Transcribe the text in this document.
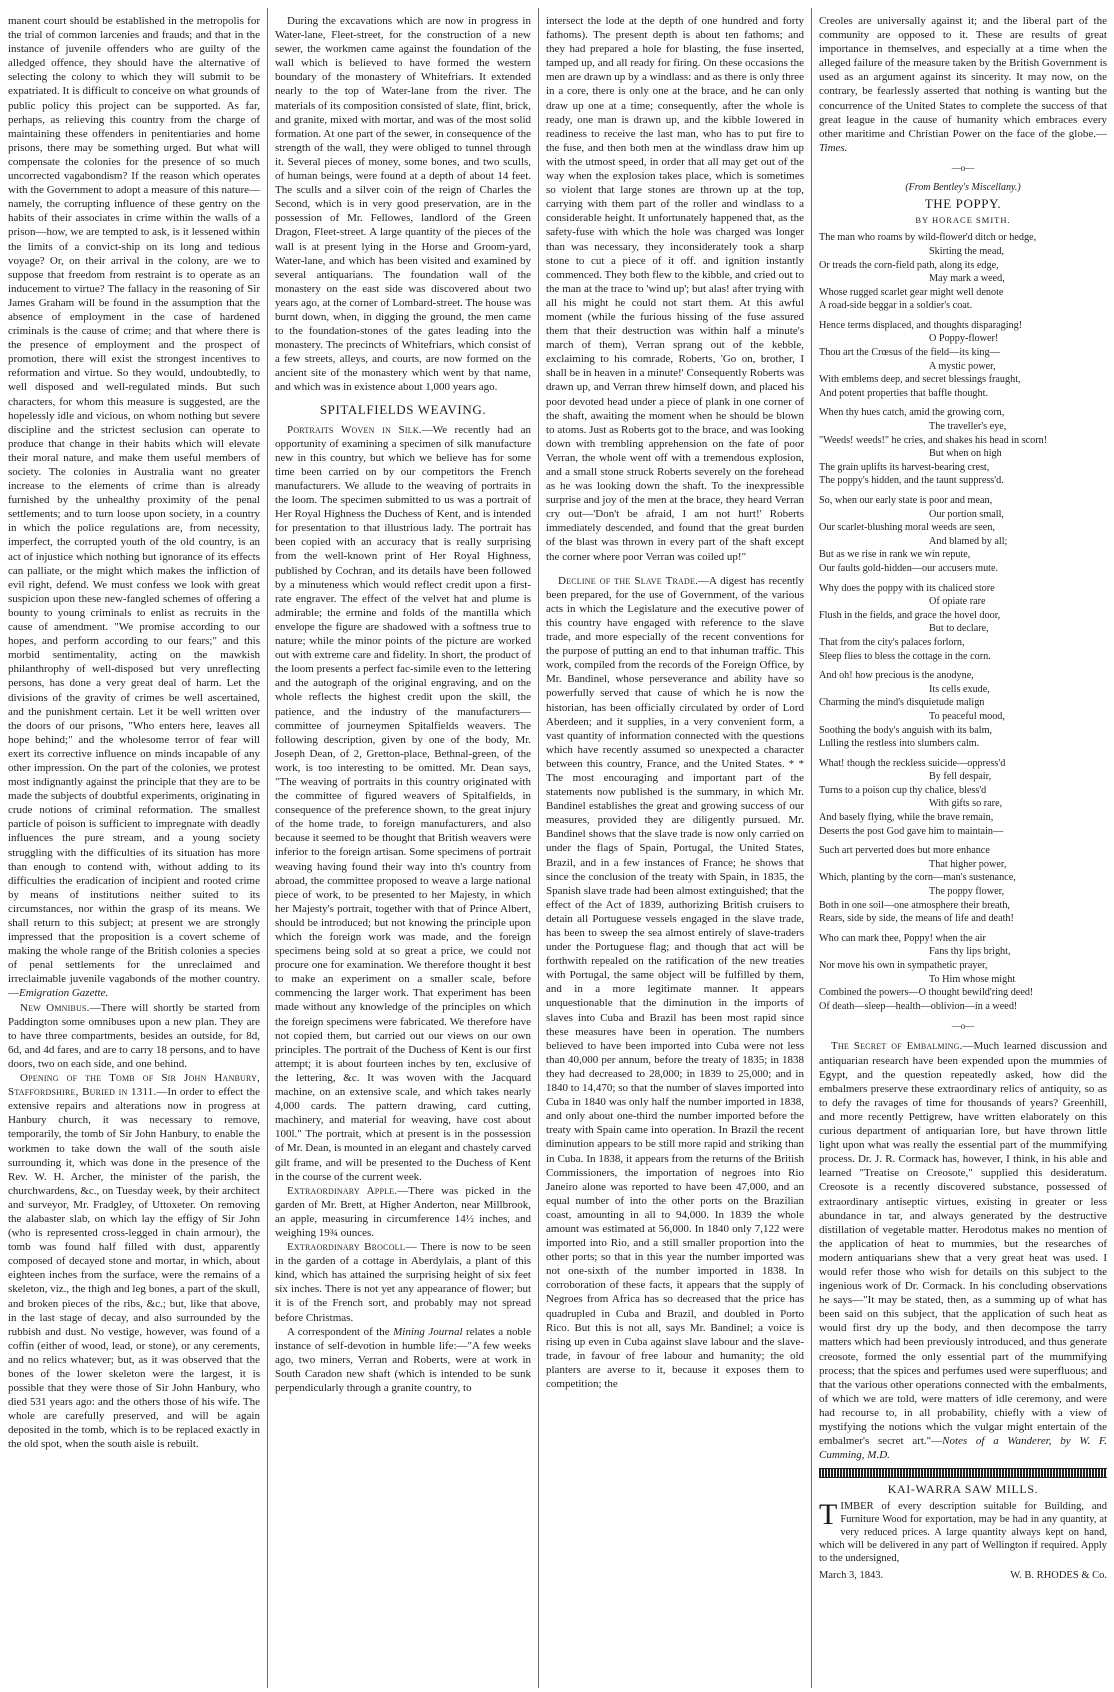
manent court should be established in the metropolis for the trial of common larcenies and frauds; and that in the instance of juvenile offenders who are guilty of the alledged offence, they should have the alternative of selecting the colony to which they will submit to be expatriated. It is difficult to conceive on what grounds of public policy this project can be supported. As far, perhaps, as relieving this country from the charge of maintaining these offenders in penitentiaries and home prisons, there may be something urged. But what will compensate the colonies for the presence of so much uncorrected vagabondism? If the reason which operates with the Government to adopt a measure of this nature—namely, the corrupting influence of these gentry on the habits of their associates in crime within the walls of a prison—how, we are tempted to ask, is it lessened within the limits of a convict-ship on its long and tedious voyage? Or, on their arrival in the colony, are we to suppose that freedom from restraint is to operate as an inducement to virtue? The fallacy in the reasoning of Sir James Graham will be found in the assumption that the absence of employment in the case of hardened criminals is the cause of crime; and that where there is the presence of employment and the prospect of promotion, there will exist the strongest incentives to reformation and virtue. So they would, undoubtedly, to well disposed and well-regulated minds. But such characters, for whom this measure is suggested, are the hopelessly idle and vicious, on whom nothing but severe discipline and the strictest seclusion can operate to produce that change in their habits which will elevate their moral nature, and make them useful members of society. The colonies in Australia want no greater increase to the elements of crime than is already furnished by the unhealthy proximity of the penal settlements; and to turn loose upon society, in a country in which the police regulations are, from necessity, imperfect, the corrupted youth of the old country, is an act of injustice which nothing but ignorance of its effects can palliate, or the might which makes the infliction of evil right, defend. We must confess we look with great suspicion upon these new-fangled schemes of offering a bounty to young criminals to enlist as recruits in the cause of amendment. "We promise according to our hopes, and perform according to our fears;" and this morbid sentimentality, acting on the mawkish philanthrophy of well-disposed but very unreflecting persons, has done a very great deal of harm. Let the divisions of the gravity of crimes be well ascertained, and the punishment certain. Let it be well written over the doors of our prisons, "Who enters here, leaves all hope behind;" and the wholesome terror of fear will exert its corrective influence on minds incapable of any other impression. On the part of the colonies, we protest most indignantly against the principle that they are to be made the subjects of doubtful experiments, originating in crude notions of criminal reformation. The smallest particle of poison is sufficient to impregnate with deadly influences the pure stream, and a young society struggling with the difficulties of its situation has more than enough to contend with, without adding to its difficulties the eradication of incipient and rooted crime by means of institutions neither suited to its circumstances, nor within the grasp of its means. We shall return to this subject; at present we are strongly impressed that the proposition is a covert scheme of making the whole range of the British colonies a species of penal settlements for the unreclaimed and irreclaimable juvenile vagabonds of the mother country.—Emigration Gazette.

New Omnibus.—There will shortly be started from Paddington some omnibuses upon a new plan. They are to have three compartments, besides an outside, for 8d, 6d, and 4d fares, and are to carry 18 persons, and to have doors, two on each side, and one behind.

Opening of the Tomb of Sir John Hanbury, Staffordshire, Buried in 1311.—In order to effect the extensive repairs and alterations now in progress at Hanbury church, it was necessary to remove, temporarily, the tomb of Sir John Hanbury, to enable the workmen to take down the wall of the south aisle surrounding it, which was done in the presence of the Rev. W. H. Archer, the minister of the parish, the churchwardens, &c., on Tuesday week, by their architect and surveyor, Mr. Fradgley, of Uttoxeter. On removing the alabaster slab, on which lay the effigy of Sir John (who is represented cross-legged in chain armour), the tomb was found half filled with dust, apparently composed of decayed stone and mortar, in which, about eighteen inches from the surface, were the remains of a skeleton, viz., the thigh and leg bones, a part of the skull, and broken pieces of the ribs, &c.; but, like that above, in the last stage of decay, and also surrounded by the rubbish and dust. No vestige, however, was found of a coffin (either of wood, lead, or stone), or any cerements, and no relics whatever; but, as it was observed that the bones of the lower skeleton were the largest, it is possible that they were those of Sir John Hanbury, who died 531 years ago: and the others those of his wife. The whole are carefully preserved, and will be again deposited in the tomb, which is to be replaced exactly in the old spot, when the south aisle is rebuilt.

During the excavations which are now in progress in Water-lane, Fleet-street, for the construction of a new sewer, the workmen came against the foundation of the wall which is believed to have formed the western boundary of the monastery of Whitefriars. It extended nearly to the top of Water-lane from the river. The materials of its composition consisted of slate, flint, brick, and granite, mixed with mortar, and was of the most solid formation. At one part of the sewer, in consequence of the strength of the wall, they were obliged to tunnel through it. Several pieces of money, some bones, and two sculls, of human beings, were found at a depth of about 14 feet. The sculls and a silver coin of the reign of Charles the Second, which is in very good preservation, are in the possession of Mr. Fellowes, landlord of the Green Dragon, Fleet-street. A large quantity of the pieces of the wall is at present lying in the Horse and Groom-yard, Water-lane, and which has been visited and examined by several antiquarians. The foundation wall of the monastery on the east side was discovered about two years ago, at the corner of Lombard-street. The house was burnt down, when, in digging the ground, the men came to the foundation-stones of the gates leading into the monastery. The precincts of Whitefriars, which consist of a few streets, alleys, and courts, are now formed on the ancient site of the monastery which went by that name, and which was in existence about 1,000 years ago.

SPITALFIELDS WEAVING.

Portraits Woven in Silk.—We recently had an opportunity of examining a specimen of silk manufacture new in this country, but which we believe has for some time been carried on by our competitors the French manufacturers. We allude to the weaving of portraits in the loom. The specimen submitted to us was a portrait of Her Royal Highness the Duchess of Kent, and is intended for presentation to that illustrious lady. The portrait has been copied with an accuracy that is really surprising from the well-known print of Her Royal Highness, published by Cochran, and its details have been followed by a minuteness which would reflect credit upon a first-rate engraver. The effect of the velvet hat and plume is admirable; the ermine and folds of the mantilla which envelope the figure are shadowed with a softness true to nature; while the minor points of the picture are worked out with extreme care and fidelity. In short, the product of the loom presents a perfect fac-simile even to the lettering and the autograph of the original engraving, and on the whole reflects the highest credit upon the skill, the patience, and the industry of the manufacturers—committee of journeymen Spitalfields weavers. The following description, given by one of the body, Mr. Joseph Dean, of 2, Gretton-place, Bethnal-green, of the work, is too interesting to be omitted. Mr. Dean says, "The weaving of portraits in this country originated with the committee of figured weavers of Spitalfields, in consequence of the preference shown, to the great injury of the home trade, to foreign manufacturers, and also because it seemed to be thought that British weavers were inferior to the foreign artisan. Some specimens of portrait weaving having found their way into th's country from abroad, the committee proposed to weave a large national piece of work, to be presented to her Majesty, in which her Majesty's portrait, together with that of Prince Albert, should be introduced; but not knowing the principle upon which the foreign work was made, and the foreign specimens being sold at so great a price, we could not procure one for examination. We therefore thought it best to make an experiment on a smaller scale, before commencing the larger work. That experiment has been made without any knowledge of the principles on which the foreign specimens were fabricated. We therefore have not copied them, but carried out our views on our own principles. The portrait of the Duchess of Kent is our first attempt; it is about fourteen inches by ten, exclusive of the lettering, &c. It was woven with the Jacquard machine, on an extensive scale, and which takes nearly 4,000 cards. The pattern drawing, card cutting, machinery, and material for weaving, have cost about 100l." The portrait, which at present is in the possession of Mr. Dean, is mounted in an elegant and chastely carved gilt frame, and will be presented to the Duchess of Kent in the course of the current week.

Extraordinary Apple.—There was picked in the garden of Mr. Brett, at Higher Anderton, near Millbrook, an apple, measuring in circumference 14½ inches, and weighing 19¾ ounces.

Extraordinary Brocoli.— There is now to be seen in the garden of a cottage in Aberdylais, a plant of this kind, which has attained the surprising height of six feet six inches. There is not yet any appearance of flower; but it is of the French sort, and probably may not spread before Christmas.

A correspondent of the Mining Journal relates a noble instance of self-devotion in humble life:—"A few weeks ago, two miners, Verran and Roberts, were at work in South Caradon new shaft (which is intended to be sunk perpendicularly through a granite country, to

intersect the lode at the depth of one hundred and forty fathoms). The present depth is about ten fathoms; and they had prepared a hole for blasting, the fuse inserted, tamped up, and all ready for firing. On these occasions the men are drawn up by a windlass: and as there is only three in a core, there is only one at the brace, and he can only draw up one at a time; consequently, after the whole is ready, one man is drawn up, and the kibble lowered in readiness to receive the last man, who has to put fire to the fuse, and then both men at the windlass draw him up with the utmost speed, in order that all may get out of the way when the explosion takes place, which is sometimes so violent that large stones are thrown up at the top, carrying with them part of the roller and windlass to a considerable height. It unfortunately happened that, as the safety-fuse with which the hole was charged was longer than was necessary, they inconsiderately took a sharp stone to cut a piece of it off. and ignition instantly commenced. They both flew to the kibble, and cried out to the man at the trace to 'wind up'; but alas! after trying with all his might he could not start them. At this awful moment (while the furious hissing of the fuse assured them that their destruction was within half a minute's march of them), Verran sprang out of the kebble, exclaiming to his comrade, Roberts, 'Go on, brother, I shall be in heaven in a minute!' Consequently Roberts was drawn up, and Verran threw himself down, and placed his poor devoted head under a piece of plank in one corner of the shaft, awaiting the moment when he should be blown to atoms. Just as Roberts got to the brace, and was looking down with trembling apprehension on the fate of poor Verran, the whole went off with a tremendous explosion, and a small stone struck Roberts severely on the forehead as he was looking down the shaft. To the inexpressible surprise and joy of the men at the brace, they heard Verran cry out—'Don't be afraid, I am not hurt!' Roberts immediately descended, and found that the great burden of the blast was thrown in every part of the shaft except the corner where poor Verran was coiled up!"

Decline of the Slave Trade.—A digest has recently been prepared, for the use of Government, of the various acts in which the Legislature and the executive power of this country have engaged with reference to the slave trade, and more especially of the recent conventions for the purpose of putting an end to that inhuman traffic. This work, compiled from the records of the Foreign Office, by Mr. Bandinel, whose perseverance and ability have so powerfully served that cause of which he is now the historian, has been officially circulated by order of Lord Aberdeen; and it supplies, in a very convenient form, a vast quantity of information connected with the questions which have recently assumed so unexpected a character between this country, France, and the United States. * * The most encouraging and important part of the statements now published is the summary, in which Mr. Bandinel establishes the great and growing success of our measures, provided they are diligently pursued. Mr. Bandinel shows that the slave trade is now only carried on under the flags of Spain, Portugal, the United States, Brazil, and in a few instances of France; he shows that since the conclusion of the treaty with Spain, in 1835, the Spanish slave trade had been almost extinguished; that the effect of the Act of 1839, authorizing British cruisers to detain all Portuguese vessels engaged in the slave trade, has been to sweep the sea almost entirely of slave-traders under the Portuguese flag; and though that act will be forthwith repealed on the ratification of the new treaties with Portugal, the same object will be fulfilled by them, and in a more legitimate manner. It appears unquestionable that the diminution in the imports of slaves into Cuba and Brazil has been most rapid since these measures have been in operation. The numbers believed to have been imported into Cuba were not less than 40,000 per annum, before the treaty of 1835; in 1838 they had decreased to 28,000; in 1839 to 25,000; and in 1840 to 14,470; so that the number of slaves imported into Cuba in 1840 was only half the number imported in 1838, and only about one-third the number imported before the treaty with Spain came into operation. In Brazil the recent diminution appears to be still more rapid and striking than in Cuba. In 1838, it appears from the returns of the British Commissioners, the importation of negroes into Rio Janeiro alone was reported to have been 47,000, and an equal number of into the other ports on the Brazilian coast, amounting in all to 94,000. In 1839 the whole amount was estimated at 56,000. In 1840 only 7,122 were imported into Rio, and a still smaller proportion into the other ports; so that in this year the number imported was not one-sixth of the number imported in 1838. In corroboration of these facts, it appears that the supply of Negroes from Africa has so decreased that the price has quadrupled in Cuba and Brazil, and doubled in Porto Rico. But this is not all, says Mr. Bandinel; a voice is rising up even in Cuba against slave labour and the slave-trade, in favour of free labour and humanity; the old planters are averse to it, because it exposes them to competition; the

Creoles are universally against it; and the liberal part of the community are opposed to it. These are results of great importance in themselves, and especially at a time when the alleged failure of the measure taken by the British Government is used as an argument against its sincerity. It may now, on the contrary, be fearlessly asserted that nothing is wanting but the concurrence of the United States to complete the success of that great league in the cause of humanity which embraces every other maritime and Christian Power on the face of the globe.—Times.

—o—
(From Bentley's Miscellany.)
THE POPPY.
BY HORACE SMITH.
The man who roams by wild-flower'd ditch or hedge,
Skirting the mead,
Or treads the corn-field path, along its edge,
May mark a weed,
Whose rugged scarlet gear might well denote
A road-side beggar in a soldier's coat.
Hence terms displaced, and thoughts disparaging!
O Poppy-flower!
Thou art the Crœsus of the field—its king—
A mystic power,
With emblems deep, and secret blessings fraught,
And potent properties that baffle thought.
When thy hues catch, amid the growing corn,
The traveller's eye,
"Weeds! weeds!" he cries, and shakes his head in scorn!
But when on high
The grain uplifts its harvest-bearing crest,
The poppy's hidden, and the taunt suppress'd.
So, when our early state is poor and mean,
Our portion small,
Our scarlet-blushing moral weeds are seen,
And blamed by all;
But as we rise in rank we win repute,
Our faults gold-hidden—our accusers mute.
Why does the poppy with its chaliced store
Of opiate rare
Flush in the fields, and grace the hovel door,
But to declare,
That from the city's palaces forlorn,
Sleep flies to bless the cottage in the corn.
And oh! how precious is the anodyne,
Its cells exude,
Charming the mind's disquietude malign
To peaceful mood,
Soothing the body's anguish with its balm,
Lulling the restless into slumbers calm.
What! though the reckless suicide—oppress'd
By fell despair,
Turns to a poison cup thy chalice, bless'd
With gifts so rare,
And basely flying, while the brave remain,
Deserts the post God gave him to maintain—
Such art perverted does but more enhance
That higher power,
Which, planting by the corn—man's sustenance,
The poppy flower,
Both in one soil—one atmosphere their breath,
Rears, side by side, the means of life and death!
Who can mark thee, Poppy! when the air
Fans thy lips bright,
Nor move his own in sympathetic prayer,
To Him whose might
Combined the powers—O thought bewild'ring deed!
Of death—sleep—health—oblivion—in a weed!
—o—

The Secret of Embalming.—Much learned discussion and antiquarian research have been expended upon the mummies of Egypt, and the question repeatedly asked, how did the embalmers preserve these extraordinary relics of antiquity, so as to defy the ravages of time for thousands of years? Greenhill, and more recently Pettigrew, have written elaborately on this curious department of antiquarian lore, but have thrown little light upon what was really the essential part of the mummifying process. Dr. J. R. Cormack has, however, I think, in his able and learned "Treatise on Creosote," supplied this desideratum. Creosote is a recently discovered substance, possessed of extraordinary antiseptic virtues, existing in greater or less abundance in tar, and always generated by the destructive distillation of vegetable matter. Herodotus makes no mention of the application of heat to mummies, but the researches of modern antiquarians shew that a very great heat was used. I would refer those who wish for details on this subject to the ingenious work of Dr. Cormack. In his concluding observations he says—"It may be stated, then, as a summing up of what has been said on this subject, that the application of such heat as would first dry up the body, and then decompose the tarry matters which had been previously introduced, and thus generate creosote, formed the only essential part of the mummifying process; that the spices and perfumes used were superfluous; and that the various other operations connected with the embalments, of which we are told, were matters of idle ceremony, and were had recourse to, in all probability, chiefly with a view of mystifying the notions which the vulgar might entertain of the embalmer's secret art."—Notes of a Wanderer, by W. F. Cumming, M.D.

KAI-WARRA SAW MILLS.

TIMBER of every description suitable for Building, and Furniture Wood for exportation, may be had in any quantity, at very reduced prices. A large quantity always kept on hand, which will be delivered in any part of Wellington if required. Apply to the undersigned,

March 3, 1843.	W. B. RHODES & Co.
